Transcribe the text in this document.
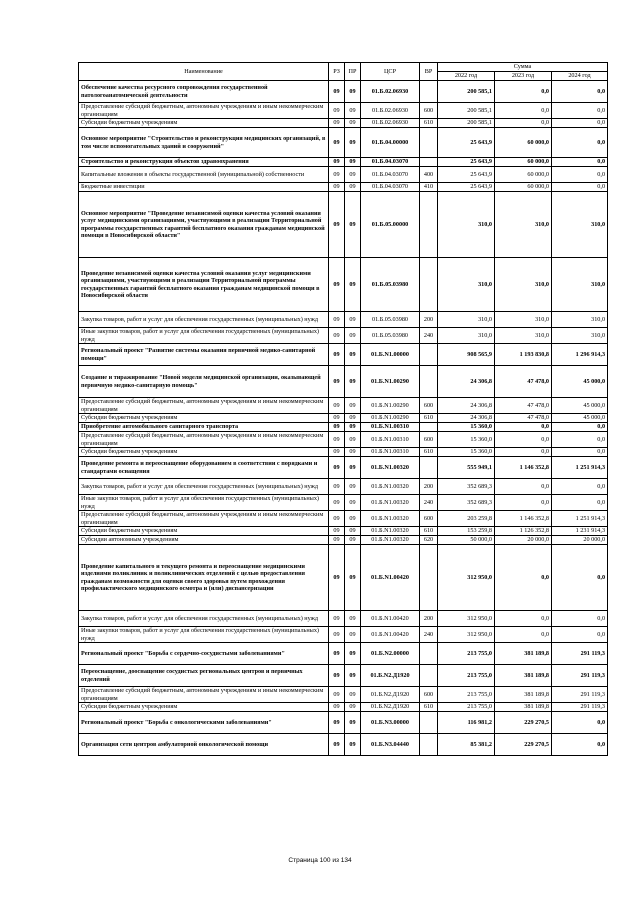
Наименование	РЗ	ПР	ЦСР	ВР	Сумма		
					2022 год	2023 год	2024 год
Обеспечение качества ресурсного сопровождения государственной патологоанатомической деятельности	09	09	01.Б.02.06930		200 585,1	0,0	0,0
Предоставление субсидий бюджетным, автономным учреждениям и иным некоммерческим организациям	09	09	01.Б.02.06930	600	200 585,1	0,0	0,0
Субсидии бюджетным учреждениям	09	09	01.Б.02.06930	610	200 585,1	0,0	0,0
Основное мероприятие "Строительство и реконструкция медицинских организаций, в том числе вспомогательных зданий и сооружений"	09	09	01.Б.04.00000		25 643,9	60 000,0	0,0
Строительство и реконструкция объектов здравоохранения	09	09	01.Б.04.03070		25 643,9	60 000,0	0,0
Капитальные вложения в объекты государственной (муниципальной) собственности	09	09	01.Б.04.03070	400	25 643,9	60 000,0	0,0
Бюджетные инвестиции	09	09	01.Б.04.03070	410	25 643,9	60 000,0	0,0
Основное мероприятие "Проведение независимой оценки качества условий оказания услуг медицинскими организациями, участвующими в реализации Территориальной программы государственных гарантий бесплатного оказания гражданам медицинской помощи в Новосибирской области"	09	09	01.Б.05.00000		310,0	310,0	310,0
Проведение независимой оценки качества условий оказания услуг медицинскими организациями, участвующими в реализации Территориальной программы государственных гарантий бесплатного оказания гражданам медицинской помощи в Новосибирской области	09	09	01.Б.05.03980		310,0	310,0	310,0
Закупка товаров, работ и услуг для обеспечения государственных (муниципальных) нужд	09	09	01.Б.05.03980	200	310,0	310,0	310,0
Иные закупки товаров, работ и услуг для обеспечения государственных (муниципальных) нужд	09	09	01.Б.05.03980	240	310,0	310,0	310,0
Региональный проект "Развитие системы оказания первичной медико-санитарной помощи"	09	09	01.Б.N1.00000		908 565,9	1 193 830,8	1 296 914,3
Создание и тиражирование "Новой модели медицинской организации, оказывающей первичную медико-санитарную помощь"	09	09	01.Б.N1.00290		24 306,8	47 478,0	45 000,0
Предоставление субсидий бюджетным, автономным учреждениям и иным некоммерческим организациям	09	09	01.Б.N1.00290	600	24 306,8	47 478,0	45 000,0
Субсидии бюджетным учреждениям	09	09	01.Б.N1.00290	610	24 306,8	47 478,0	45 000,0
Приобретение автомобильного санитарного транспорта	09	09	01.Б.N1.00310		15 360,0	0,0	0,0
Предоставление субсидий бюджетным, автономным учреждениям и иным некоммерческим организациям	09	09	01.Б.N1.00310	600	15 360,0	0,0	0,0
Субсидии бюджетным учреждениям	09	09	01.Б.N1.00310	610	15 360,0	0,0	0,0
Проведение ремонта и переоснащение оборудованием в соответствии с порядками и стандартами оснащения	09	09	01.Б.N1.00320		555 949,1	1 146 352,8	1 251 914,3
Закупка товаров, работ и услуг для обеспечения государственных (муниципальных) нужд	09	09	01.Б.N1.00320	200	352 689,3	0,0	0,0
Иные закупки товаров, работ и услуг для обеспечения государственных (муниципальных) нужд	09	09	01.Б.N1.00320	240	352 689,3	0,0	0,0
Предоставление субсидий бюджетным, автономным учреждениям и иным некоммерческим организациям	09	09	01.Б.N1.00320	600	203 259,8	1 146 352,8	1 251 914,3
Субсидии бюджетным учреждениям	09	09	01.Б.N1.00320	610	153 259,8	1 126 352,8	1 231 914,3
Субсидии автономным учреждениям	09	09	01.Б.N1.00320	620	50 000,0	20 000,0	20 000,0
Проведение капитального и текущего ремонта и переоснащение медицинскими изделиями поликлиник и поликлинических отделений с целью предоставления гражданам возможности для оценки своего здоровья путем прохождения профилактического медицинского осмотра и (или) диспансеризации	09	09	01.Б.N1.00420		312 950,0	0,0	0,0
Закупка товаров, работ и услуг для обеспечения государственных (муниципальных) нужд	09	09	01.Б.N1.00420	200	312 950,0	0,0	0,0
Иные закупки товаров, работ и услуг для обеспечения государственных (муниципальных) нужд	09	09	01.Б.N1.00420	240	312 950,0	0,0	0,0
Региональный проект "Борьба с сердечно-сосудистыми заболеваниями"	09	09	01.Б.N2.00000		213 755,0	381 189,8	291 119,3
Переоснащение, дооснащение сосудистых региональных центров и первичных отделений	09	09	01.Б.N2.Д1920		213 755,0	381 189,8	291 119,3
Предоставление субсидий бюджетным, автономным учреждениям и иным некоммерческим организациям	09	09	01.Б.N2.Д1920	600	213 755,0	381 189,8	291 119,3
Субсидии бюджетным учреждениям	09	09	01.Б.N2.Д1920	610	213 755,0	381 189,8	291 119,3
Региональный проект "Борьба с онкологическими заболеваниями"	09	09	01.Б.N3.00000		116 981,2	229 270,5	0,0
Организация сети центров амбулаторной онкологической помощи	09	09	01.Б.N3.04440		85 381,2	229 270,5	0,0
Страница 100 из 134
